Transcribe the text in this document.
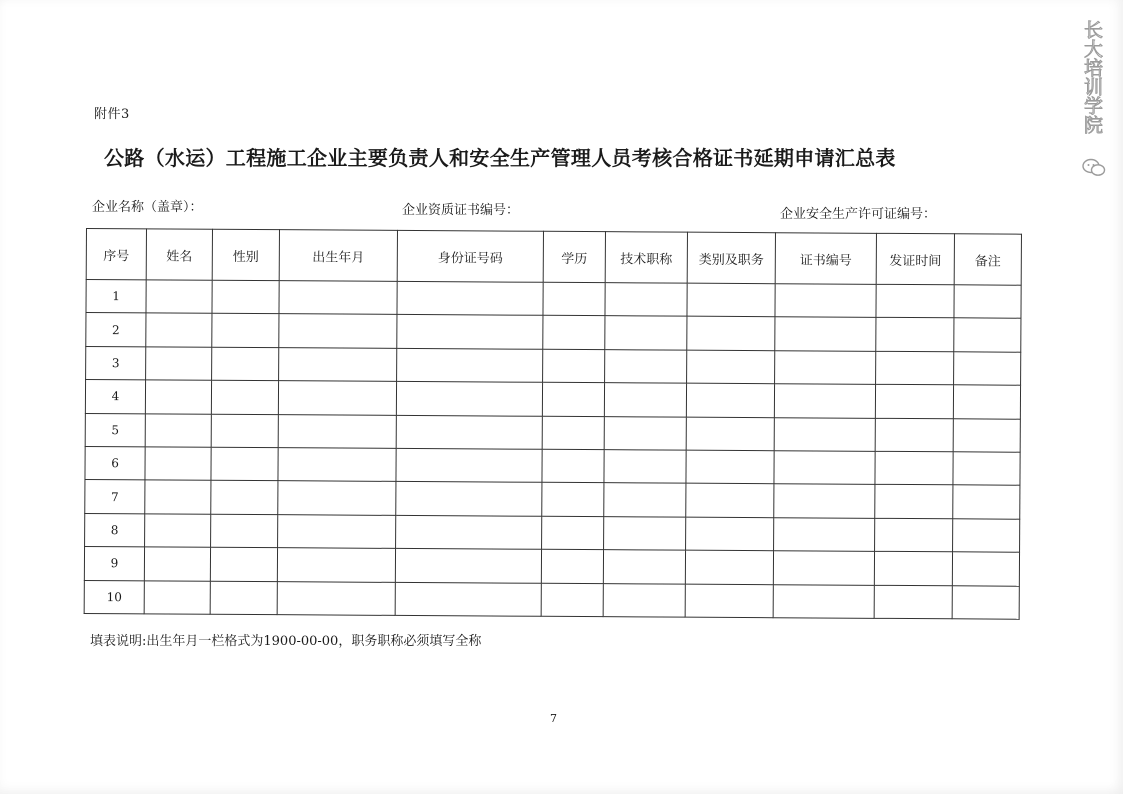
附件3
公路（水运）工程施工企业主要负责人和安全生产管理人员考核合格证书延期申请汇总表
企业名称（盖章）：	企业资质证书编号：	企业安全生产许可证编号：
序号	姓名	性别	出生年月	身份证号码	学历	技术职称	类别及职务	证书编号	发证时间	备注
1										
2										
3										
4										
5										
6										
7										
8										
9										
10										
填表说明:出生年月一栏格式为1900-00-00，职务职称必须填写全称
7
长大培训学院
